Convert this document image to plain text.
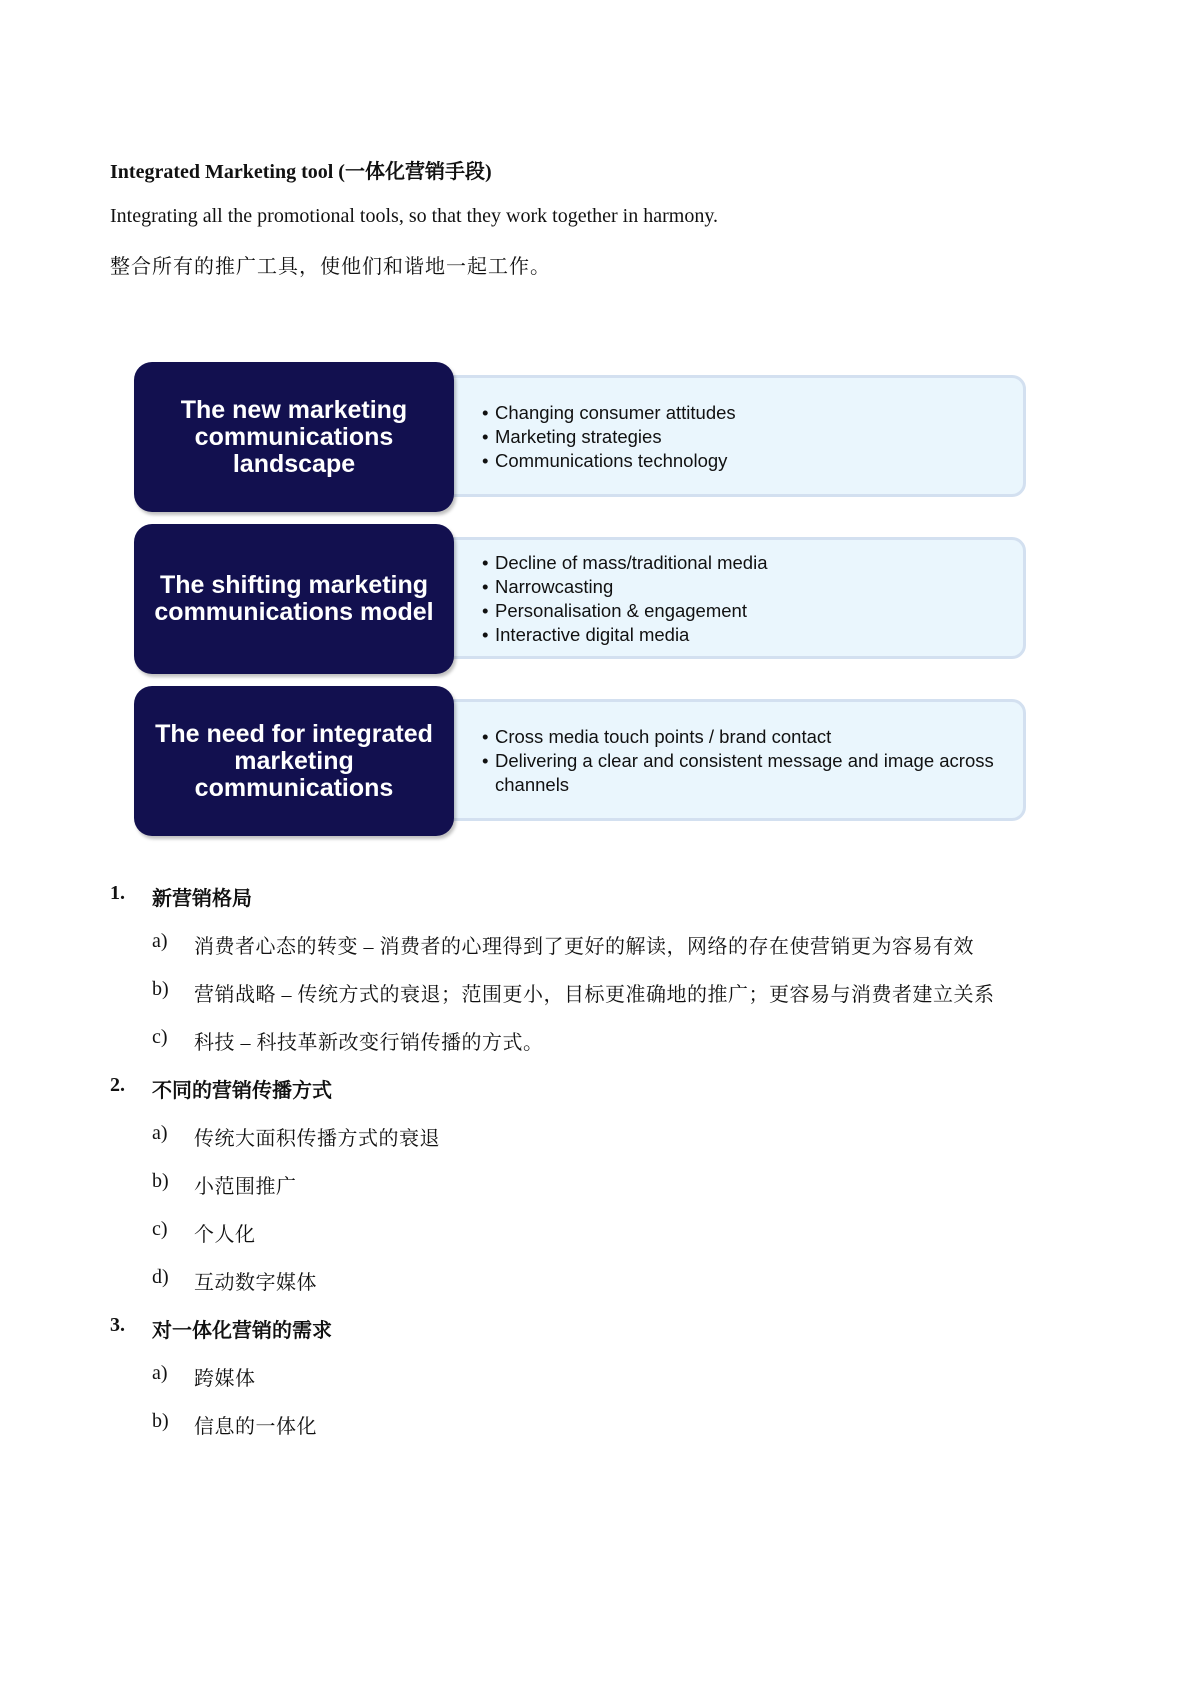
Integrated Marketing tool (一体化营销手段)
Integrating all the promotional tools, so that they work together in harmony.
整合所有的推广工具，使他们和谐地一起工作。
The new marketing communications landscape
• Changing consumer attitudes
• Marketing strategies
• Communications technology
The shifting marketing communications model
• Decline of mass/traditional media
• Narrowcasting
• Personalisation & engagement
• Interactive digital media
The need for integrated marketing communications
• Cross media touch points / brand contact
• Delivering a clear and consistent message and image across channels
1. 新营销格局
a) 消费者心态的转变 – 消费者的心理得到了更好的解读，网络的存在使营销更为容易有效
b) 营销战略 – 传统方式的衰退；范围更小，目标更准确地的推广；更容易与消费者建立关系
c) 科技 – 科技革新改变行销传播的方式。
2. 不同的营销传播方式
a) 传统大面积传播方式的衰退
b) 小范围推广
c) 个人化
d) 互动数字媒体
3. 对一体化营销的需求
a) 跨媒体
b) 信息的一体化
